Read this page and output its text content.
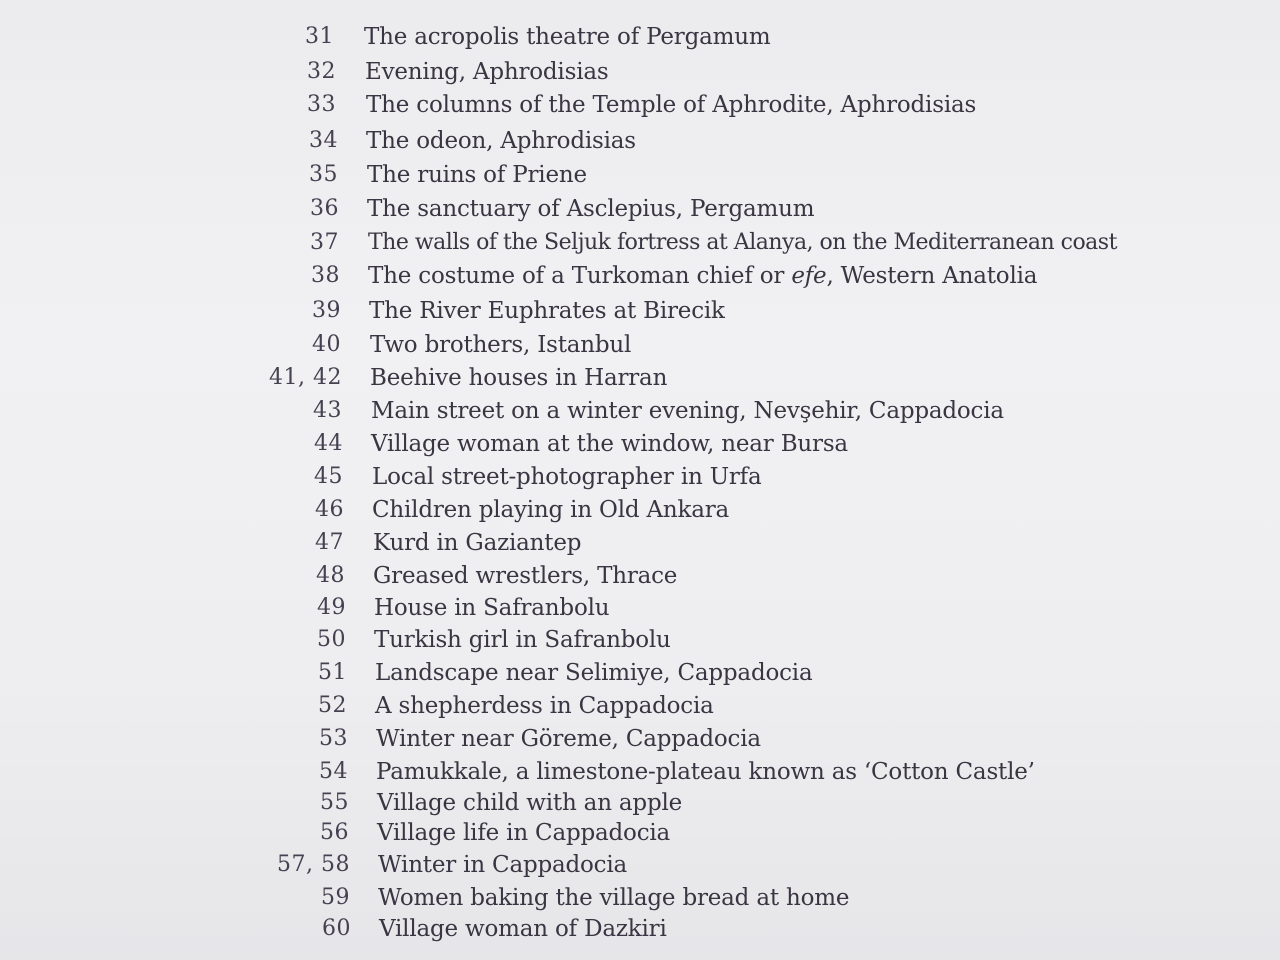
31 The acropolis theatre of Pergamum
32 Evening, Aphrodisias
33 The columns of the Temple of Aphrodite, Aphrodisias
34 The odeon, Aphrodisias
35 The ruins of Priene
36 The sanctuary of Asclepius, Pergamum
37 The walls of the Seljuk fortress at Alanya, on the Mediterranean coast
38 The costume of a Turkoman chief or efe, Western Anatolia
39 The River Euphrates at Birecik
40 Two brothers, Istanbul
41, 42 Beehive houses in Harran
43 Main street on a winter evening, Nevşehir, Cappadocia
44 Village woman at the window, near Bursa
45 Local street-photographer in Urfa
46 Children playing in Old Ankara
47 Kurd in Gaziantep
48 Greased wrestlers, Thrace
49 House in Safranbolu
50 Turkish girl in Safranbolu
51 Landscape near Selimiye, Cappadocia
52 A shepherdess in Cappadocia
53 Winter near Göreme, Cappadocia
54 Pamukkale, a limestone-plateau known as ‘Cotton Castle’
55 Village child with an apple
56 Village life in Cappadocia
57, 58 Winter in Cappadocia
59 Women baking the village bread at home
60 Village woman of Dazkiri
